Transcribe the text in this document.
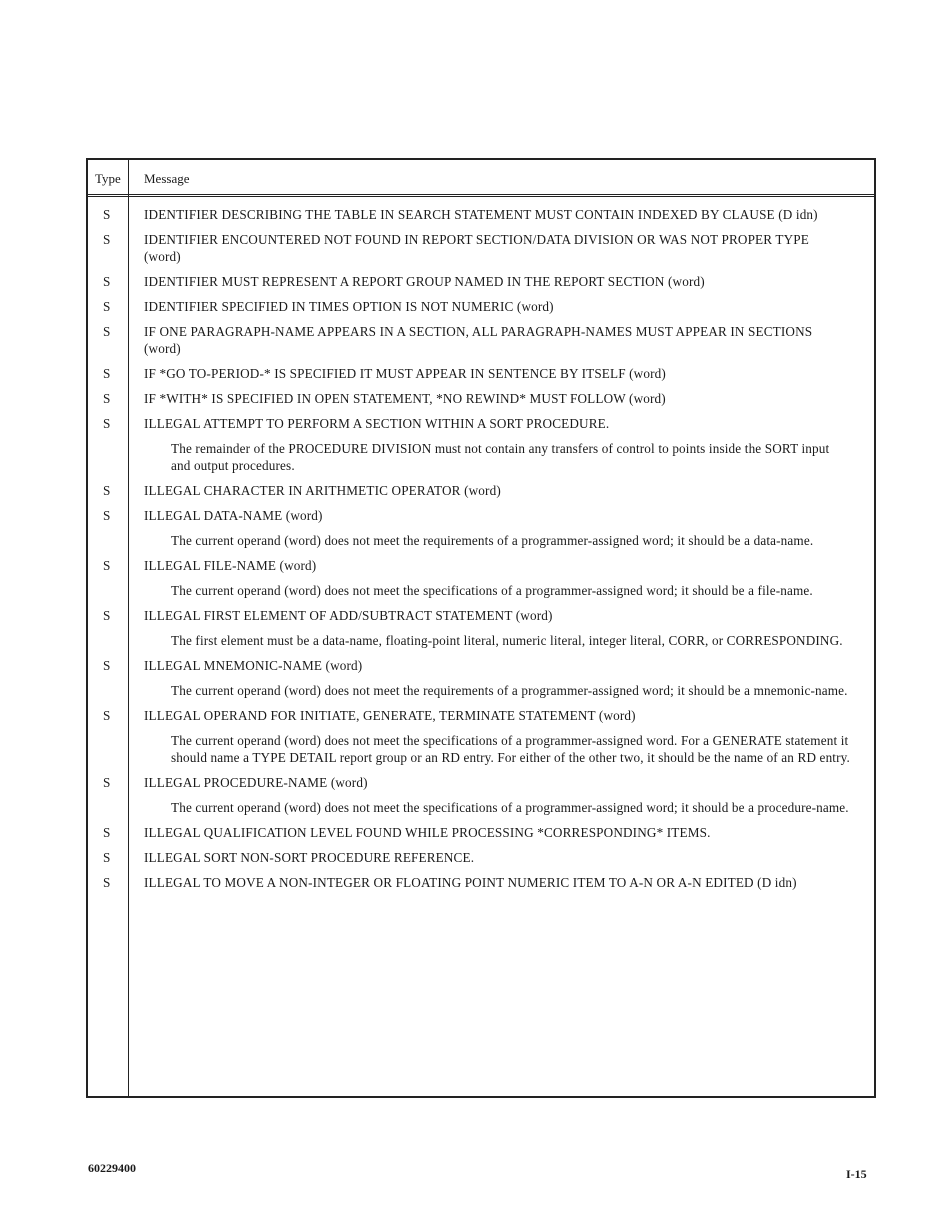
Type Message
S	IDENTIFIER DESCRIBING THE TABLE IN SEARCH STATEMENT MUST CONTAIN INDEXED BY CLAUSE (D idn)
S	IDENTIFIER ENCOUNTERED NOT FOUND IN REPORT SECTION/DATA DIVISION OR WAS NOT PROPER TYPE (word)
S	IDENTIFIER MUST REPRESENT A REPORT GROUP NAMED IN THE REPORT SECTION (word)
S	IDENTIFIER SPECIFIED IN TIMES OPTION IS NOT NUMERIC (word)
S	IF ONE PARAGRAPH-NAME APPEARS IN A SECTION, ALL PARAGRAPH-NAMES MUST APPEAR IN SECTIONS (word)
S	IF *GO TO-PERIOD-* IS SPECIFIED IT MUST APPEAR IN SENTENCE BY ITSELF (word)
S	IF *WITH* IS SPECIFIED IN OPEN STATEMENT, *NO REWIND* MUST FOLLOW (word)
S	ILLEGAL ATTEMPT TO PERFORM A SECTION WITHIN A SORT PROCEDURE.
The remainder of the PROCEDURE DIVISION must not contain any transfers of control to points inside the SORT input and output procedures.
S	ILLEGAL CHARACTER IN ARITHMETIC OPERATOR (word)
S	ILLEGAL DATA-NAME (word)
The current operand (word) does not meet the requirements of a programmer-assigned word; it should be a data-name.
S	ILLEGAL FILE-NAME (word)
The current operand (word) does not meet the specifications of a programmer-assigned word; it should be a file-name.
S	ILLEGAL FIRST ELEMENT OF ADD/SUBTRACT STATEMENT (word)
The first element must be a data-name, floating-point literal, numeric literal, integer literal, CORR, or CORRESPONDING.
S	ILLEGAL MNEMONIC-NAME (word)
The current operand (word) does not meet the requirements of a programmer-assigned word; it should be a mnemonic-name.
S	ILLEGAL OPERAND FOR INITIATE, GENERATE, TERMINATE STATEMENT (word)
The current operand (word) does not meet the specifications of a programmer-assigned word. For a GENERATE statement it should name a TYPE DETAIL report group or an RD entry. For either of the other two, it should be the name of an RD entry.
S	ILLEGAL PROCEDURE-NAME (word)
The current operand (word) does not meet the specifications of a programmer-assigned word; it should be a procedure-name.
S	ILLEGAL QUALIFICATION LEVEL FOUND WHILE PROCESSING *CORRESPONDING* ITEMS.
S	ILLEGAL SORT NON-SORT PROCEDURE REFERENCE.
S	ILLEGAL TO MOVE A NON-INTEGER OR FLOATING POINT NUMERIC ITEM TO A-N OR A-N EDITED (D idn)
60229400	I-15
